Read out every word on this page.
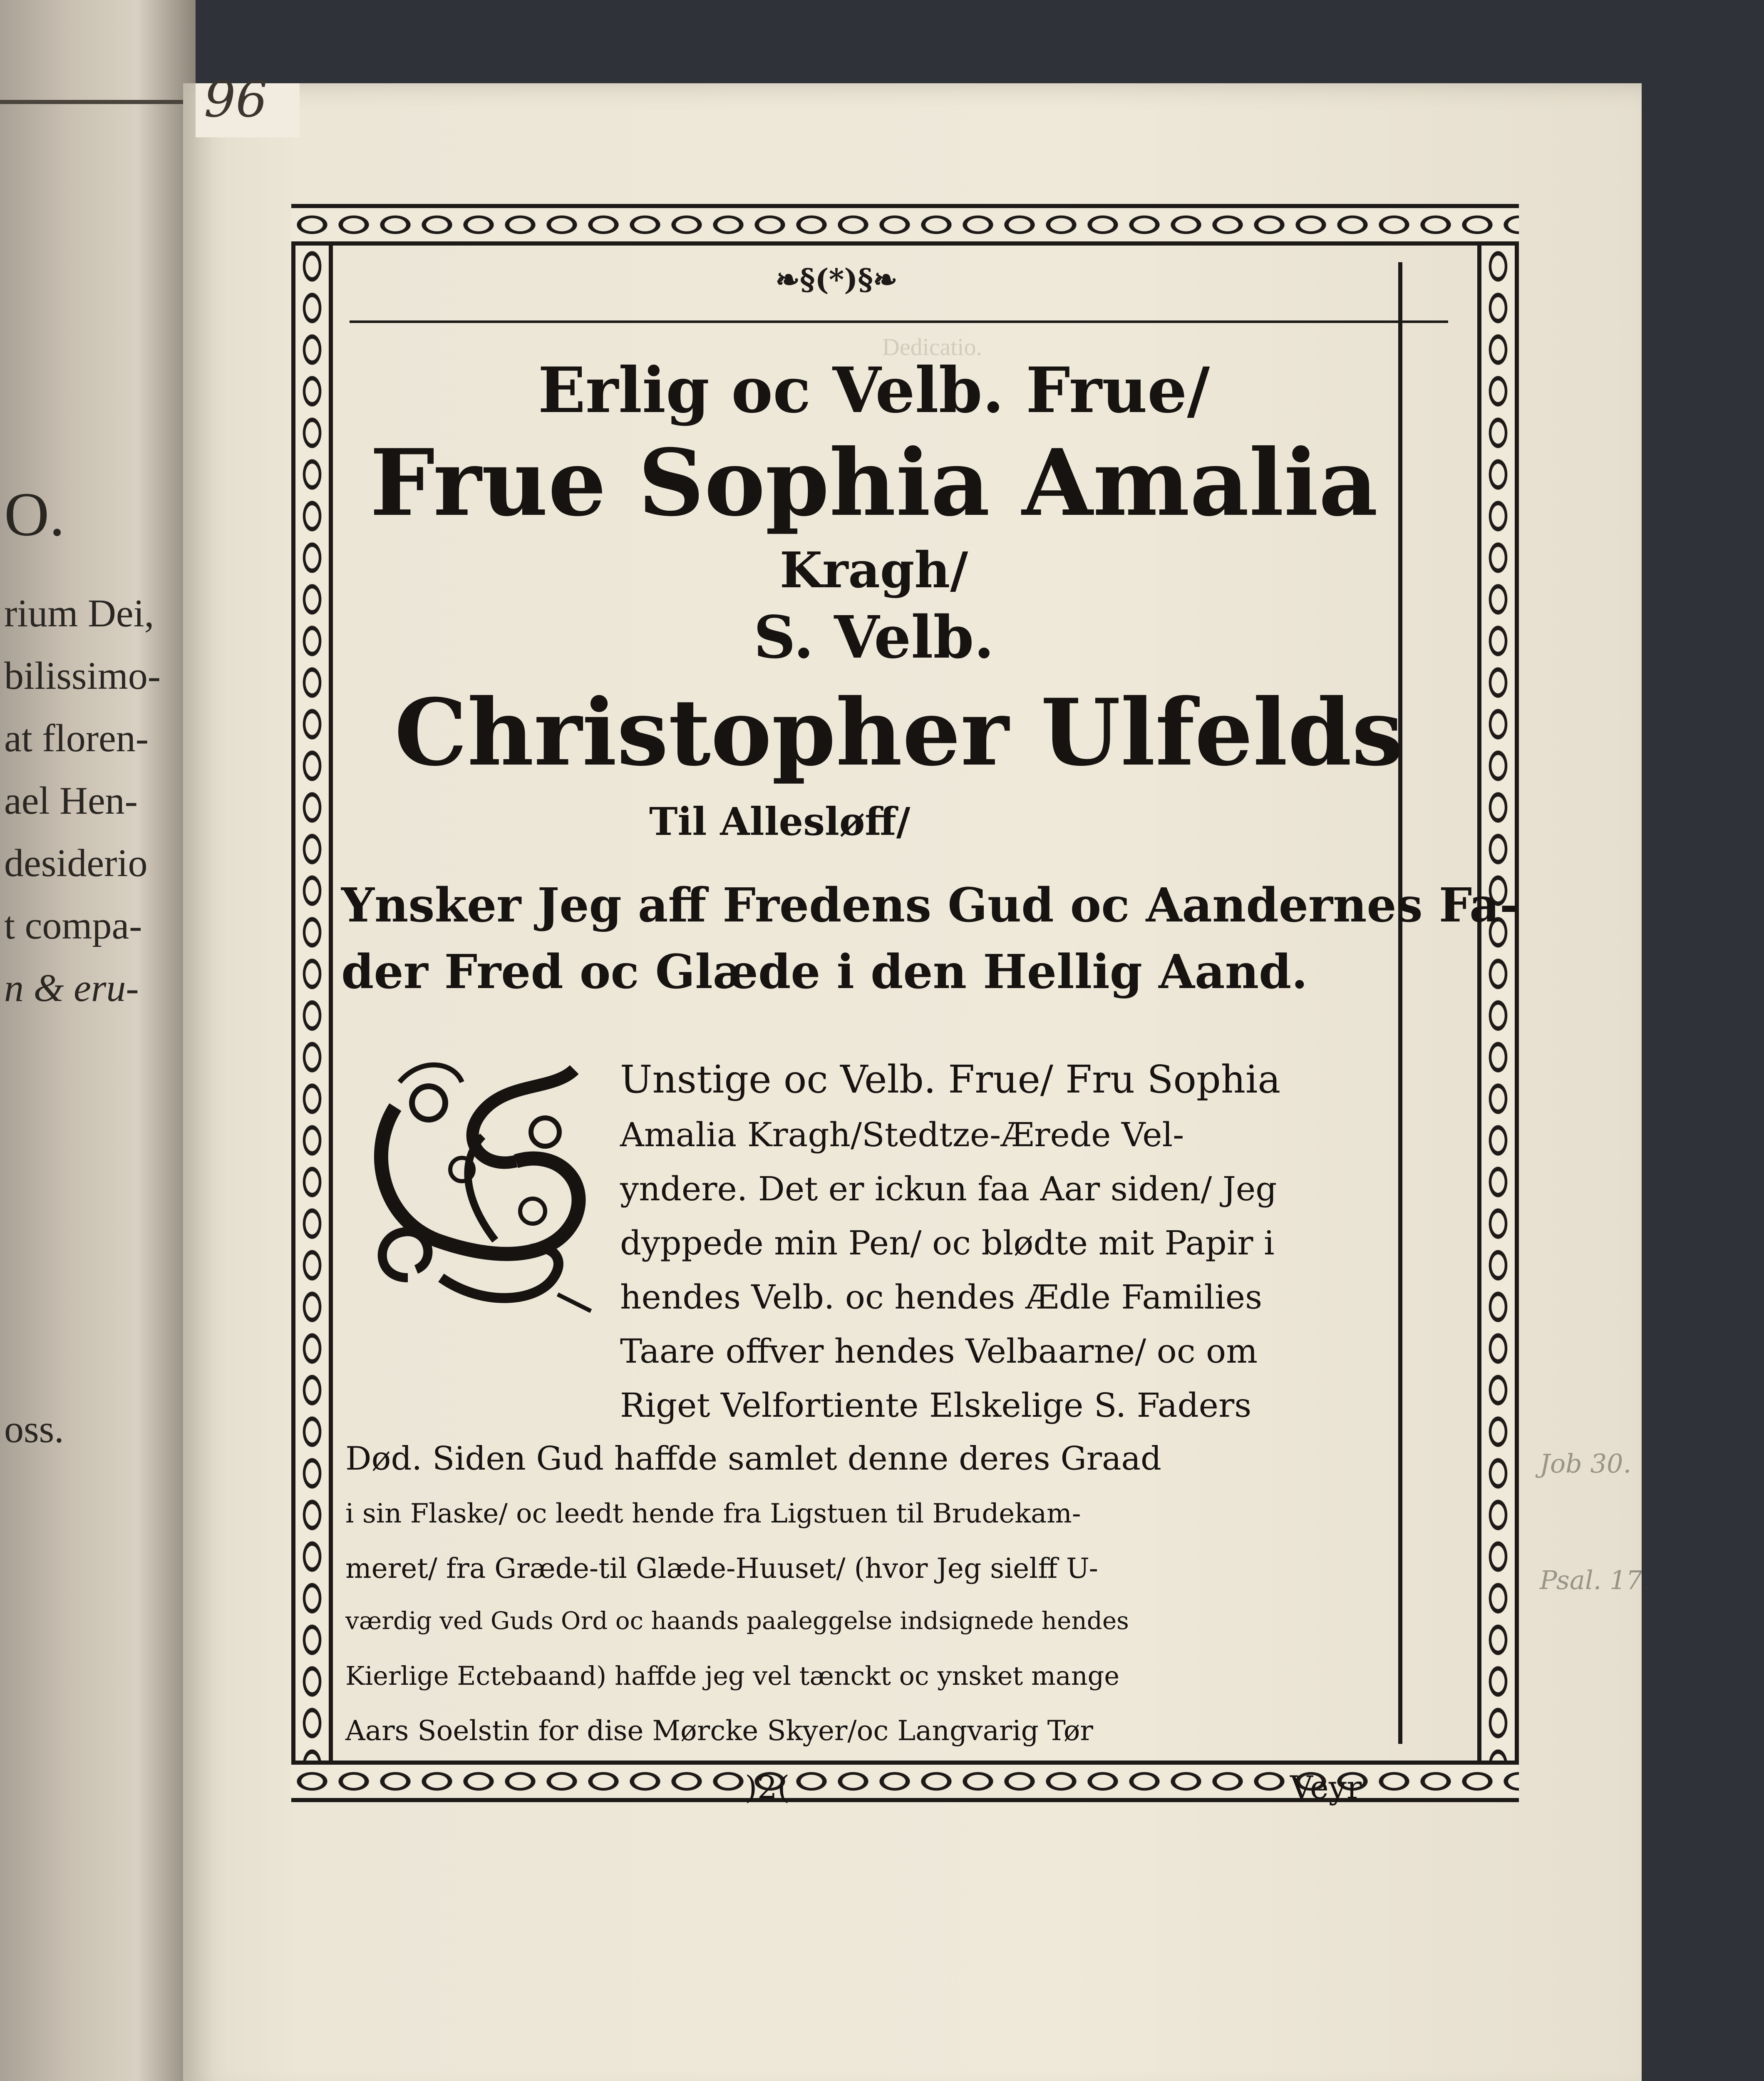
O.
rium Dei,
bilissimo-
at floren-
ael Hen-
desiderio
t compa-
n & eru-
oss.
96
Dedicatio.
Job 30.
Psal. 17.
❧§(*)§❧
Erlig oc Velb. Frue/
Frue Sophia Amalia
Kragh/
S. Velb.
Christopher Ulfelds
Til Allesløff/
Ynsker Jeg aff Fredens Gud oc Aandernes Fa-
der Fred oc Glæde i den Hellig Aand.
Unstige oc Velb. Frue/ Fru Sophia
Amalia Kragh/Stedtze-Ærede Vel-
yndere. Det er ickun faa Aar siden/ Jeg
dyppede min Pen/ oc blødte mit Papir i
hendes Velb. oc hendes Ædle Families
Taare offver hendes Velbaarne/ oc om
Riget Velfortiente Elskelige S. Faders
Død. Siden Gud haffde samlet denne deres Graad
i sin Flaske/ oc leedt hende fra Ligstuen til Brudekam-
meret/ fra Græde-til Glæde-Huuset/ (hvor Jeg sielff U-
værdig ved Guds Ord oc haands paaleggelse indsignede hendes
Kierlige Ectebaand) haffde jeg vel tænckt oc ynsket mange
Aars Soelstin for dise Mørcke Skyer/oc Langvarig Tør
)2(	Veyr
